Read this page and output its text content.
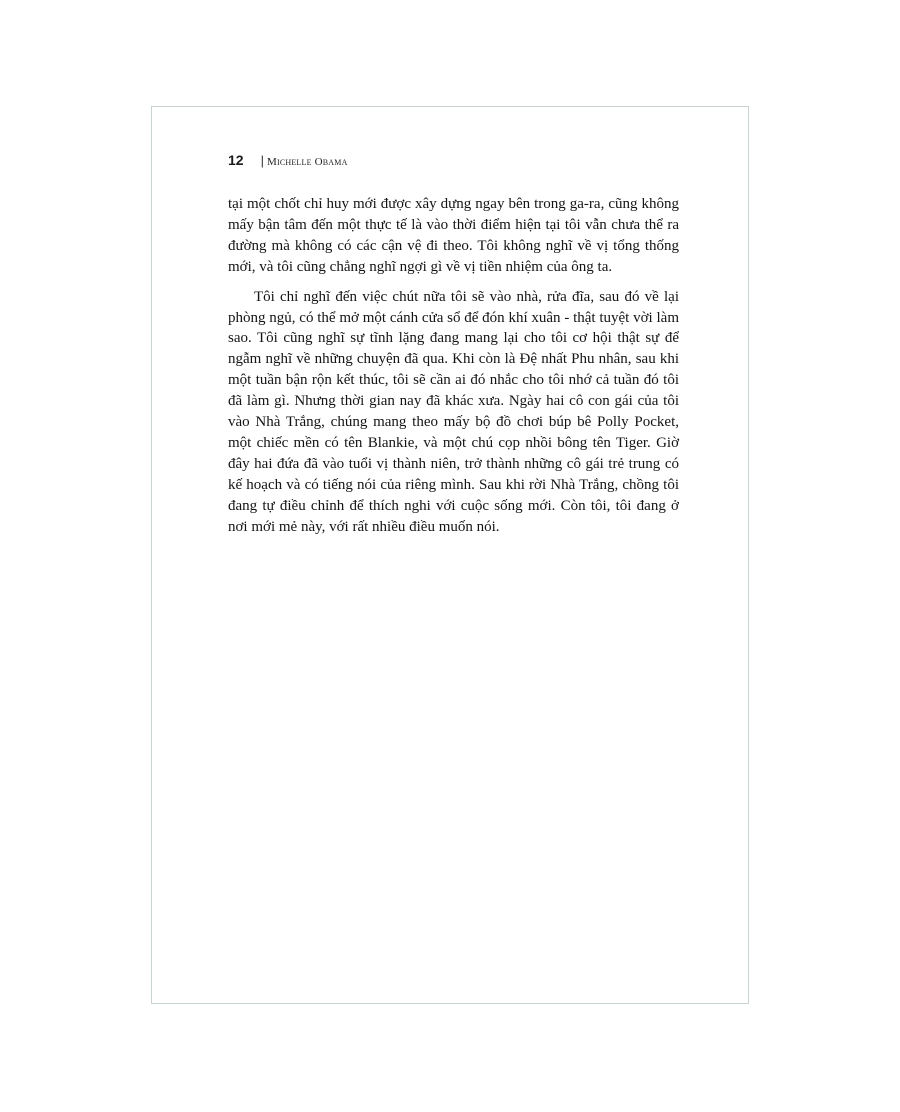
12 | Michelle Obama

tại một chốt chỉ huy mới được xây dựng ngay bên trong ga-ra, cũng không mấy bận tâm đến một thực tế là vào thời điểm hiện tại tôi vẫn chưa thể ra đường mà không có các cận vệ đi theo. Tôi không nghĩ về vị tổng thống mới, và tôi cũng chẳng nghĩ ngợi gì về vị tiền nhiệm của ông ta.

Tôi chỉ nghĩ đến việc chút nữa tôi sẽ vào nhà, rửa đĩa, sau đó về lại phòng ngủ, có thể mở một cánh cửa sổ để đón khí xuân - thật tuyệt vời làm sao. Tôi cũng nghĩ sự tĩnh lặng đang mang lại cho tôi cơ hội thật sự để ngẫm nghĩ về những chuyện đã qua. Khi còn là Đệ nhất Phu nhân, sau khi một tuần bận rộn kết thúc, tôi sẽ cần ai đó nhắc cho tôi nhớ cả tuần đó tôi đã làm gì. Nhưng thời gian nay đã khác xưa. Ngày hai cô con gái của tôi vào Nhà Trắng, chúng mang theo mấy bộ đồ chơi búp bê Polly Pocket, một chiếc mền có tên Blankie, và một chú cọp nhồi bông tên Tiger. Giờ đây hai đứa đã vào tuổi vị thành niên, trở thành những cô gái trẻ trung có kế hoạch và có tiếng nói của riêng mình. Sau khi rời Nhà Trắng, chồng tôi đang tự điều chỉnh để thích nghi với cuộc sống mới. Còn tôi, tôi đang ở nơi mới mẻ này, với rất nhiều điều muốn nói.
